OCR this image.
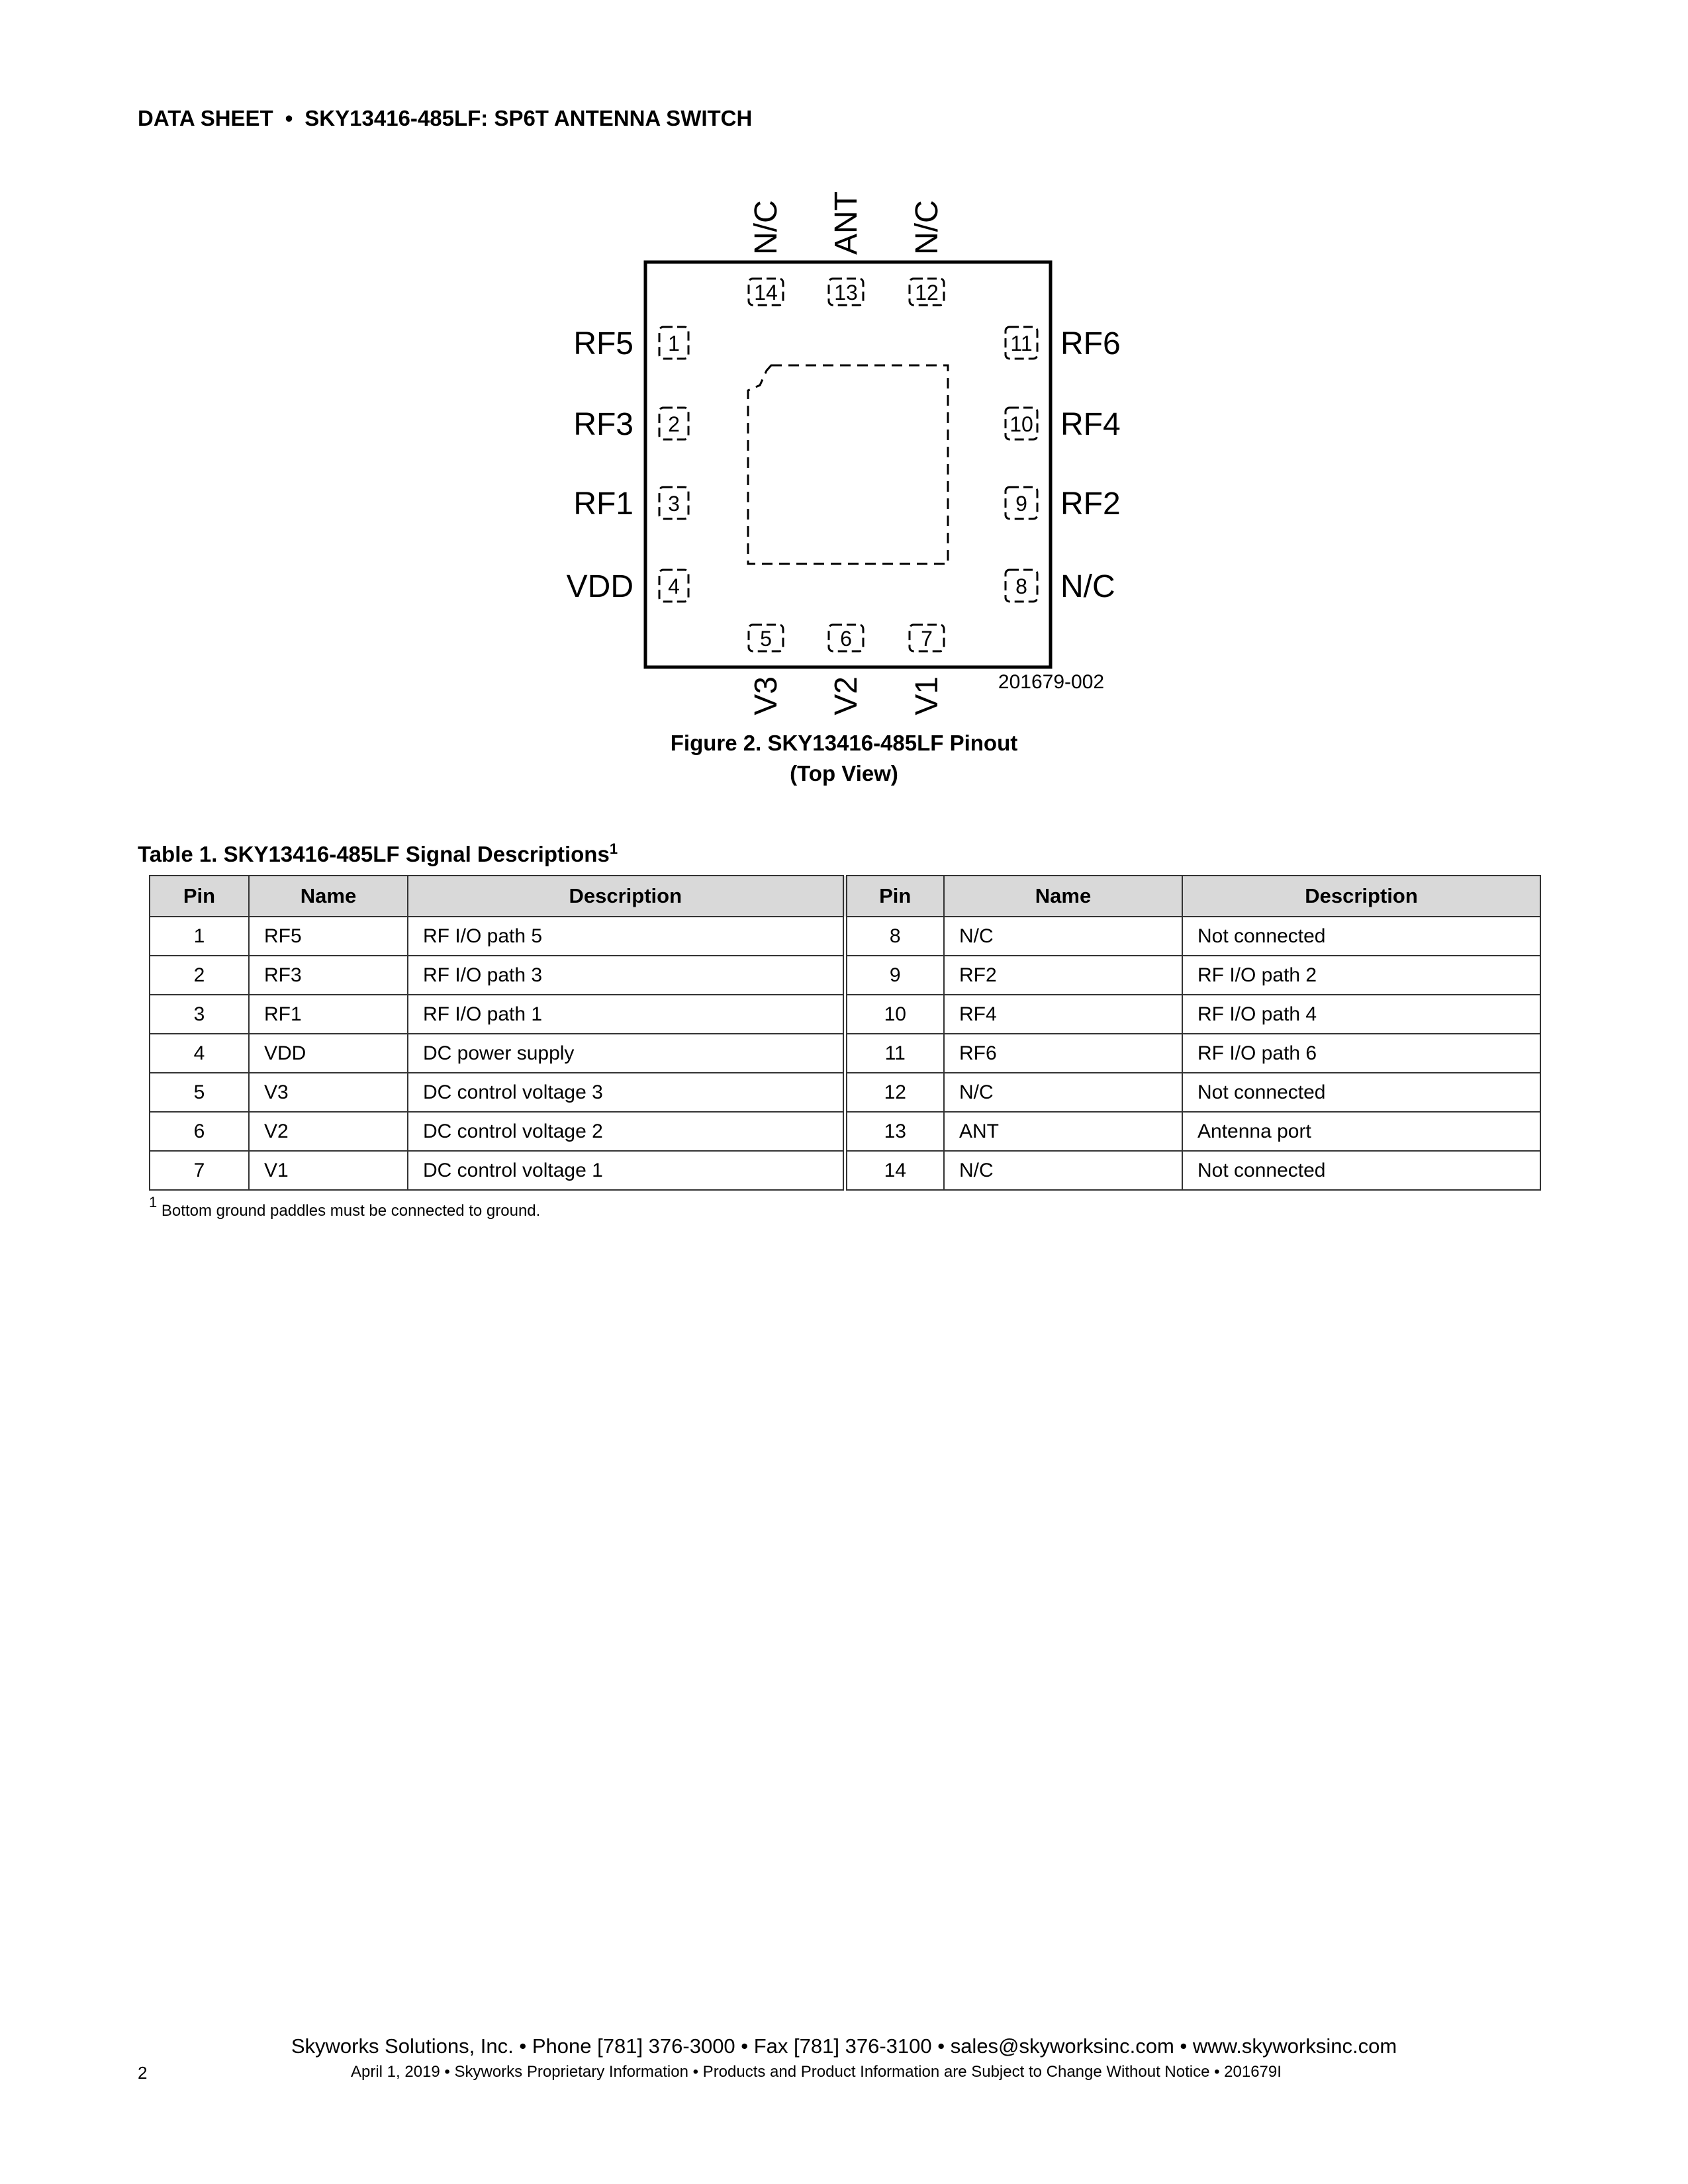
DATA SHEET • SKY13416-485LF: SP6T ANTENNA SWITCH
14
N/C
13
ANT
12
N/C
5
V3
6
V2
7
V1
1
RF5
2
RF3
3
RF1
4
VDD
11 RF6
10 RF4
9 RF2
8 N/C
201679-002
Figure 2. SKY13416-485LF Pinout
(Top View)
Table 1. SKY13416-485LF Signal Descriptions$^1$
Pin	Name	Description	Pin	Name	Description
1	RF5	RF I/O path 5	8	N/C	Not connected
2	RF3	RF I/O path 3	9	RF2	RF I/O path 2
3	RF1	RF I/O path 1	10	RF4	RF I/O path 4
4	VDD	DC power supply	11	RF6	RF I/O path 6
5	V3	DC control voltage 3	12	N/C	Not connected
6	V2	DC control voltage 2	13	ANT	Antenna port
7	V1	DC control voltage 1	14	N/C	Not connected
$^1$ Bottom ground paddles must be connected to ground.
Skyworks Solutions, Inc. • Phone [781] 376-3000 • Fax [781] 376-3100 • sales@skyworksinc.com • www.skyworksinc.com
2	April 1, 2019 • Skyworks Proprietary Information • Products and Product Information are Subject to Change Without Notice • 201679I
